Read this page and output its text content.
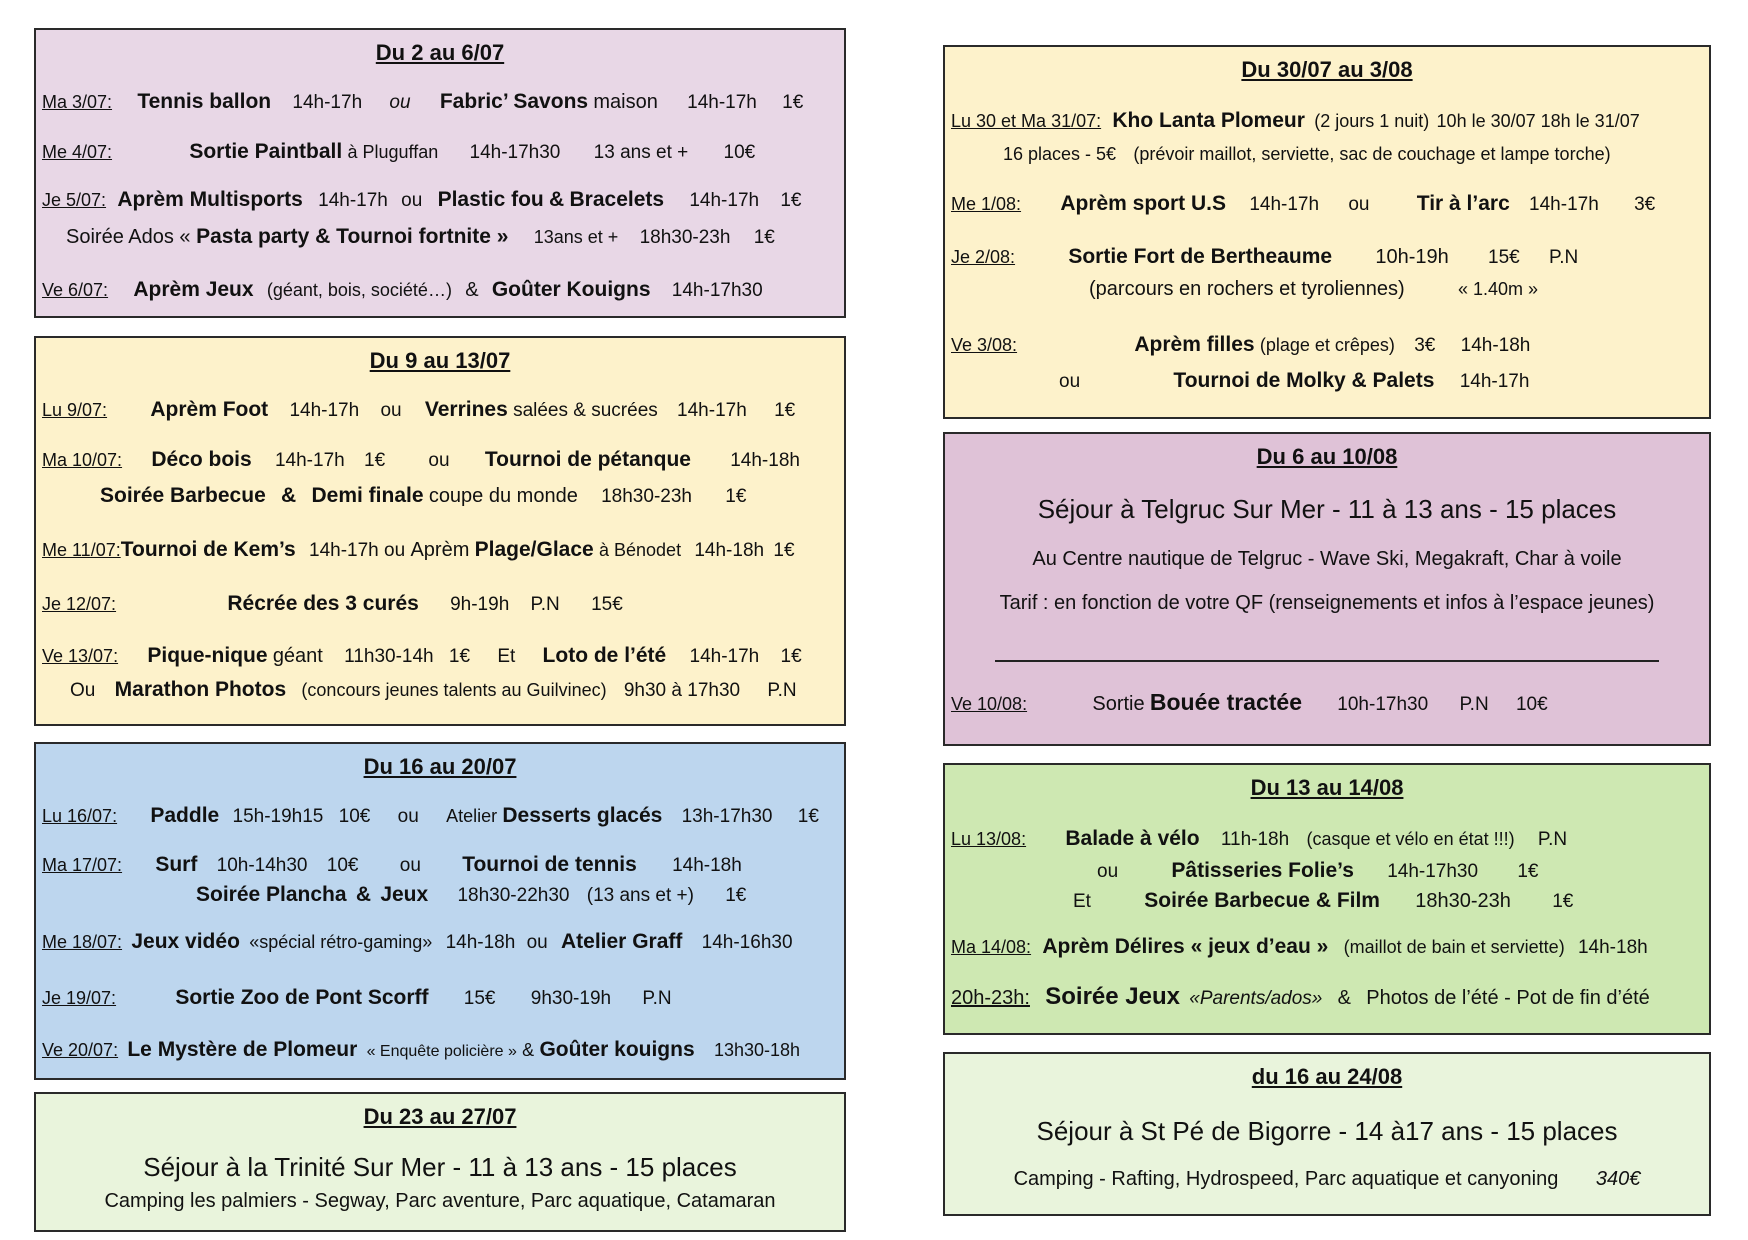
Du 2 au 6/07
Ma 3/07: Tennis ballon 14h-17h ou Fabric’ Savons maison 14h-17h 1€
Me 4/07:	Sortie Paintball à Pluguffan 14h-17h30 13 ans et + 10€
Je 5/07: Aprèm Multisports 14h-17h ou Plastic fou & Bracelets 14h-17h 1€
Soirée Ados « Pasta party & Tournoi fortnite » 13ans et + 18h30-23h 1€
Ve 6/07: Aprèm Jeux (géant, bois, société…) & Goûter Kouigns 14h-17h30
Du 9 au 13/07
Lu 9/07: Aprèm Foot 14h-17h ou Verrines salées & sucrées 14h-17h 1€
Ma 10/07: Déco bois 14h-17h 1€ ou Tournoi de pétanque 14h-18h
Soirée Barbecue & Demi finale coupe du monde 18h30-23h 1€
Me 11/07:Tournoi de Kem’s 14h-17h ou Aprèm Plage/Glace à Bénodet 14h-18h 1€
Je 12/07:	Récrée des 3 curés 9h-19h P.N 15€
Ve 13/07: Pique-nique géant 11h30-14h 1€ Et Loto de l’été 14h-17h 1€
Ou Marathon Photos (concours jeunes talents au Guilvinec) 9h30 à 17h30 P.N
Du 16 au 20/07
Lu 16/07: Paddle 15h-19h15 10€ ou Atelier Desserts glacés 13h-17h30 1€
Ma 17/07: Surf 10h-14h30 10€ ou Tournoi de tennis 14h-18h
Soirée Plancha & Jeux 18h30-22h30 (13 ans et +) 1€
Me 18/07: Jeux vidéo «spécial rétro-gaming» 14h-18h ou Atelier Graff 14h-16h30
Je 19/07:	Sortie Zoo de Pont Scorff 15€ 9h30-19h P.N
Ve 20/07: Le Mystère de Plomeur « Enquête policière » & Goûter kouigns 13h30-18h
Du 23 au 27/07
Séjour à la Trinité Sur Mer - 11 à 13 ans - 15 places
Camping les palmiers - Segway, Parc aventure, Parc aquatique, Catamaran
Du 30/07 au 3/08
Lu 30 et Ma 31/07: Kho Lanta Plomeur (2 jours 1 nuit) 10h le 30/07 18h le 31/07
16 places - 5€ (prévoir maillot, serviette, sac de couchage et lampe torche)
Me 1/08: Aprèm sport U.S 14h-17h ou Tir à l’arc 14h-17h 3€
Je 2/08:	Sortie Fort de Bertheaume 10h-19h 15€ P.N
(parcours en rochers et tyroliennes)	« 1.40m »
Ve 3/08:	Aprèm filles (plage et crêpes) 3€ 14h-18h
ou	Tournoi de Molky & Palets 14h-17h
Du 6 au 10/08
Séjour à Telgruc Sur Mer - 11 à 13 ans - 15 places
Au Centre nautique de Telgruc - Wave Ski, Megakraft, Char à voile
Tarif : en fonction de votre QF (renseignements et infos à l’espace jeunes)
Ve 10/08:	Sortie Bouée tractée 10h-17h30 P.N 10€
Du 13 au 14/08
Lu 13/08: Balade à vélo 11h-18h (casque et vélo en état !!!) P.N
ou	Pâtisseries Folie’s 14h-17h30 1€
Et	Soirée Barbecue & Film 18h30-23h 1€
Ma 14/08: Aprèm Délires « jeux d’eau » (maillot de bain et serviette) 14h-18h
20h-23h: Soirée Jeux «Parents/ados» & Photos de l’été - Pot de fin d’été
du 16 au 24/08
Séjour à St Pé de Bigorre - 14 à17 ans - 15 places
Camping - Rafting, Hydrospeed, Parc aquatique et canyoning 340€
